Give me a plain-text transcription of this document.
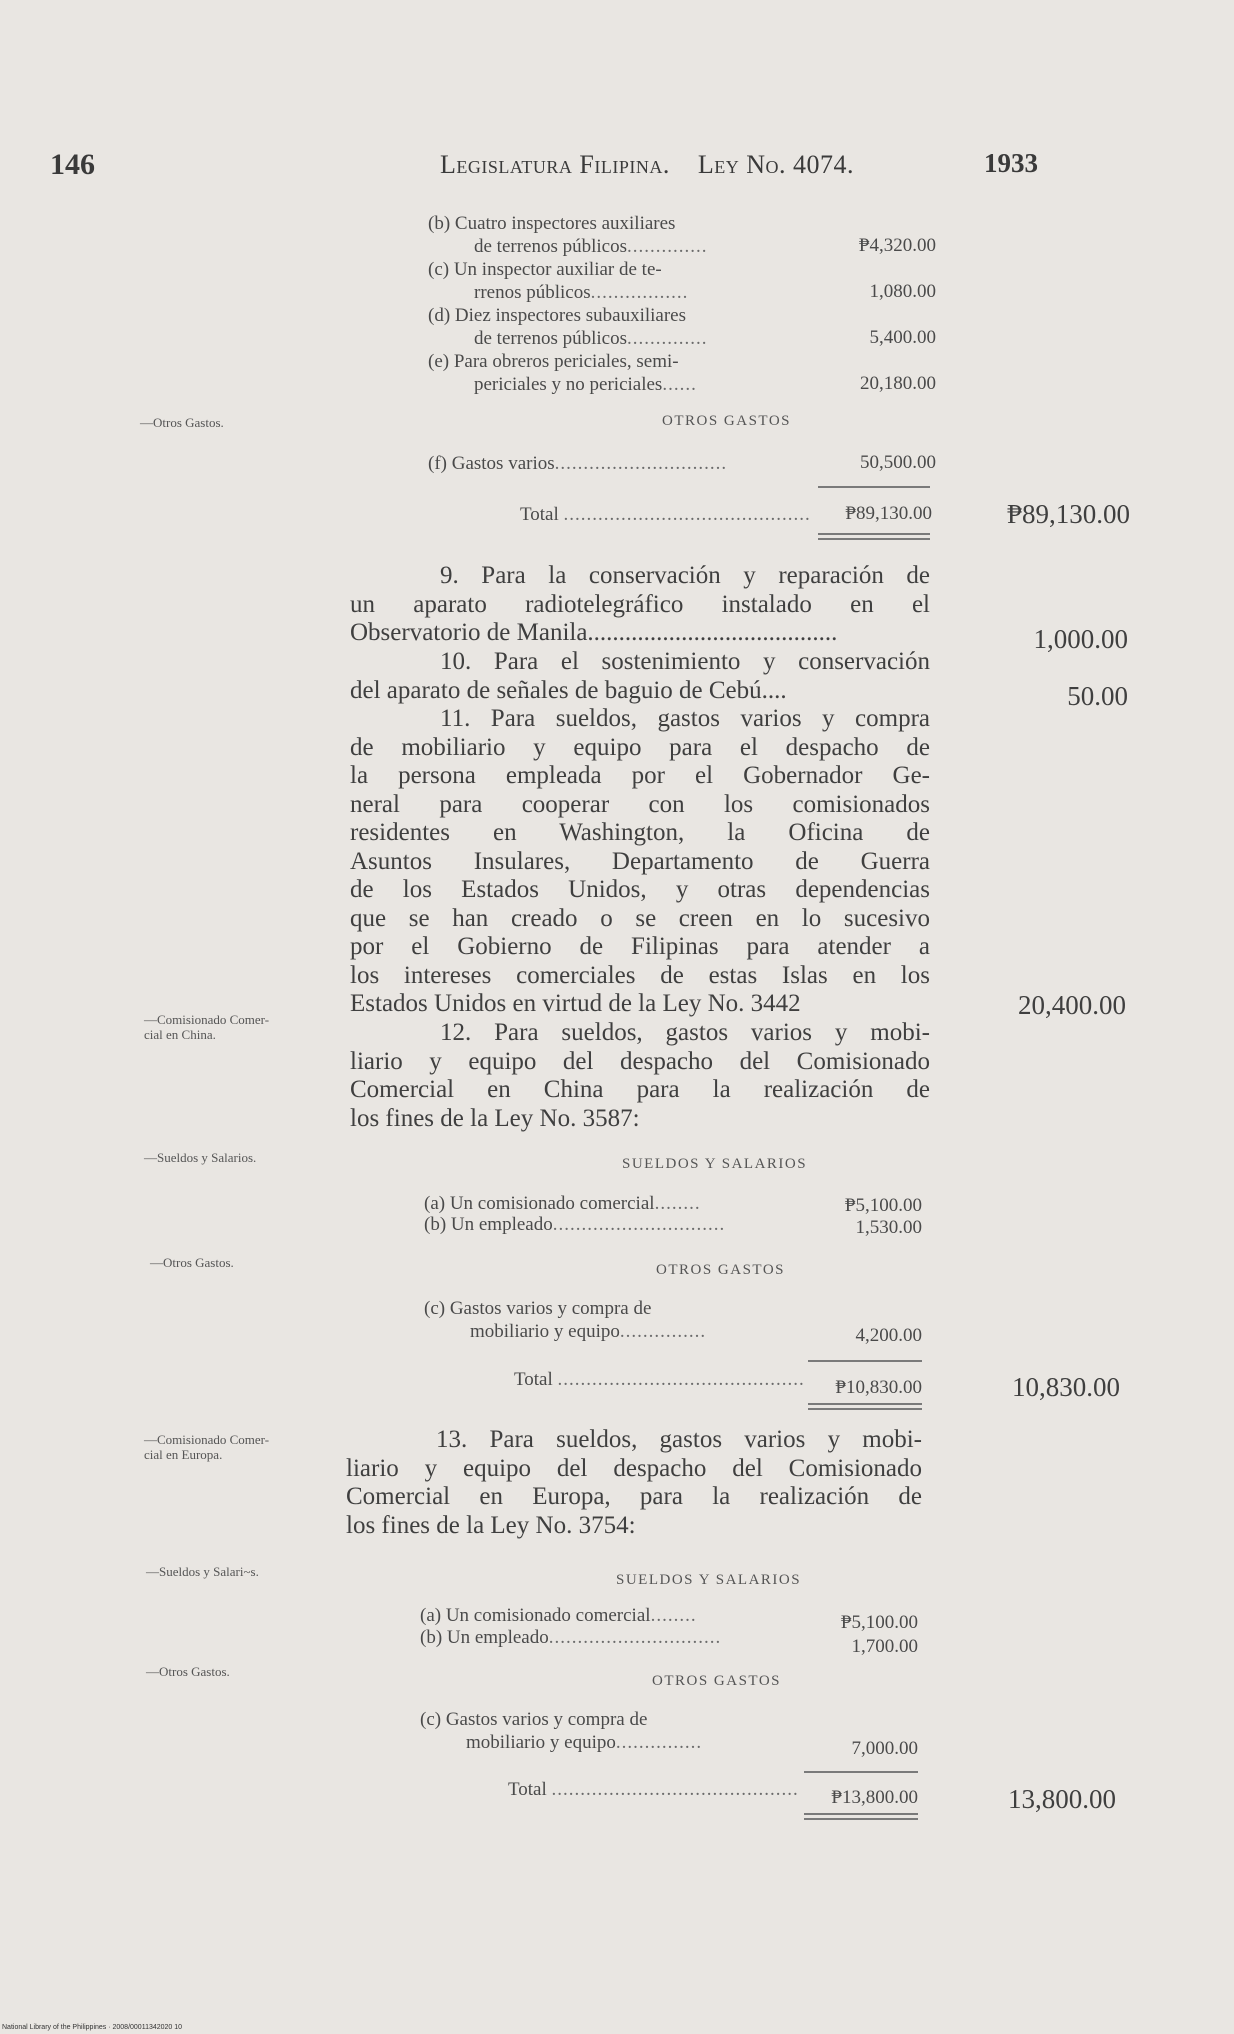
146	Legislatura Filipina. Ley No. 4074.	1933
(b) Cuatro inspectores auxiliares
de terrenos públicos..............	₱4,320.00
(c) Un inspector auxiliar de te-
rrenos públicos.................	1,080.00
(d) Diez inspectores subauxiliares
de terrenos públicos..............	5,400.00
(e) Para obreros periciales, semi-
periciales y no periciales......	20,180.00
—Otros Gastos.	OTROS GASTOS
(f) Gastos varios..............................	50,500.00
Total ...........................................	₱89,130.00	₱89,130.00

9. Para la conservación y reparación de

un aparato radiotelegráfico instalado en el

Observatorio de Manila........................................	1,000.00

10. Para el sostenimiento y conservación

del aparato de señales de baguio de Cebú....	50.00

11. Para sueldos, gastos varios y compra

de mobiliario y equipo para el despacho de

la persona empleada por el Gobernador Ge-

neral para cooperar con los comisionados

residentes en Washington, la Oficina de

Asuntos Insulares, Departamento de Guerra

de los Estados Unidos, y otras dependencias

que se han creado o se creen en lo sucesivo

por el Gobierno de Filipinas para atender a

los intereses comerciales de estas Islas en los

Estados Unidos en virtud de la Ley No. 3442	20,400.00
—Comisionado Comer-
cial en China.	12. Para sueldos, gastos varios y mobi-

liario y equipo del despacho del Comisionado

Comercial en China para la realización de

los fines de la Ley No. 3587:

—Sueldos y Salarios.	SUELDOS Y SALARIOS
(a) Un comisionado comercial........	₱5,100.00
(b) Un empleado..............................	1,530.00
—Otros Gastos.	OTROS GASTOS
(c) Gastos varios y compra de
mobiliario y equipo...............	4,200.00
Total ...........................................	₱10,830.00	10,830.00
—Comisionado Comer-
cial en Europa.

13. Para sueldos, gastos varios y mobi-

liario y equipo del despacho del Comisionado

Comercial en Europa, para la realización de

los fines de la Ley No. 3754:

—Sueldos y Salari~s.
SUELDOS Y SALARIOS
(a) Un comisionado comercial........	₱5,100.00
(b) Un empleado..............................	1,700.00
—Otros Gastos.
OTROS GASTOS
(c) Gastos varios y compra de
mobiliario y equipo...............	7,000.00
Total ...........................................	₱13,800.00	13,800.00
National Library of the Philippines · 2008/00011342020 10
